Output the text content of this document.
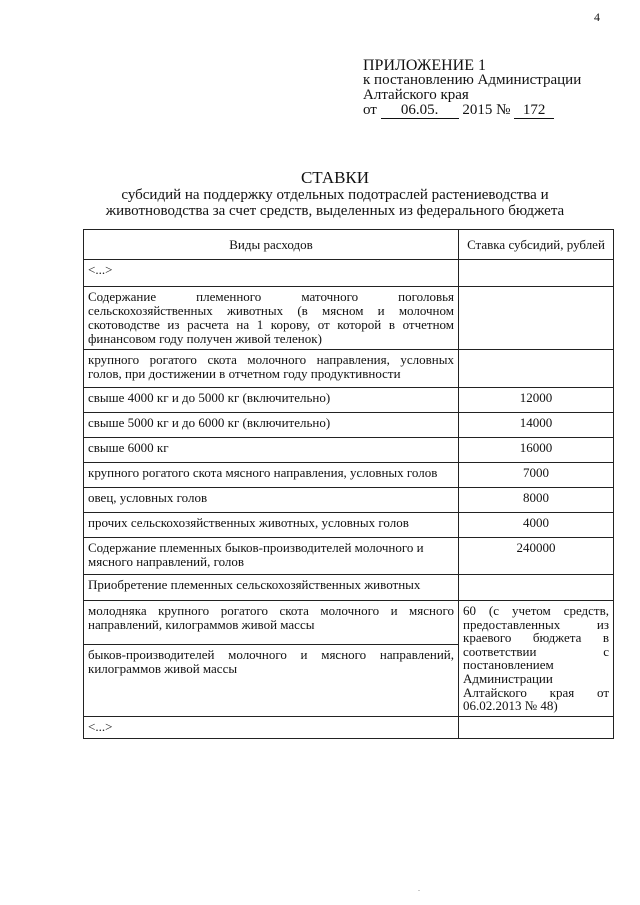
4
ПРИЛОЖЕНИЕ 1
к постановлению Администрации
Алтайского края
от 06.05. 2015 № 172
СТАВКИ
субсидий на поддержку отдельных подотраслей растениеводства и
животноводства за счет средств, выделенных из федерального бюджета
Виды расходов	Ставка субсидий, рублей
<...>	
Содержание племенного маточного поголовья сельскохозяйственных животных (в мясном и молочном скотоводстве из расчета на 1 корову, от которой в отчетном финансовом году получен живой теленок)	
крупного рогатого скота молочного направления, условных голов, при достижении в отчетном году продуктивности	
свыше 4000 кг и до 5000 кг (включительно)	12000
свыше 5000 кг и до 6000 кг (включительно)	14000
свыше 6000 кг	16000
крупного рогатого скота мясного направления, условных голов	7000
овец, условных голов	8000
прочих сельскохозяйственных животных, условных голов	4000
Содержание племенных быков-производителей молочного и мясного направлений, голов	240000
Приобретение племенных сельскохозяйственных животных	
молодняка крупного рогатого скота молочного и мясного направлений, килограммов живой массы	60 (с учетом средств, предоставленных из краевого бюджета в соответствии с постановлением Администрации Алтайского края от 06.02.2013 № 48)
быков-производителей молочного и мясного направлений, килограммов живой массы	
<...>	
.
